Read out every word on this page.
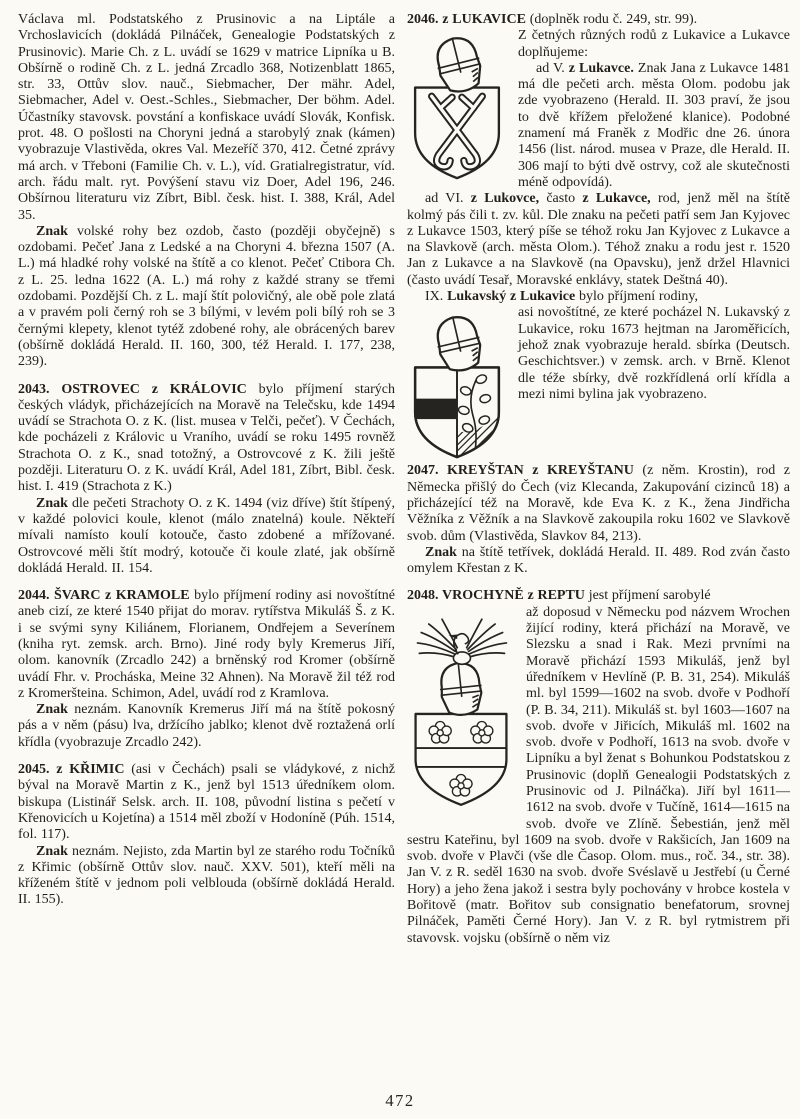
Václava ml. Podstatského z Prusinovic a na Liptále a Vrchoslavicích (dokládá Pilnáček, Genealogie Podstatských z Prusinovic). Marie Ch. z L. uvádí se 1629 v matrice Lipníka u B. Obšírně o rodině Ch. z L. jedná Zrcadlo 368, Notizenblatt 1865, str. 33, Ottův slov. nauč., Siebmacher, Der mähr. Adel, Siebmacher, Adel v. Oest.-Schles., Siebmacher, Der böhm. Adel. Účastníky stavovsk. povstání a konfiskace uvádí Slovák, Konfisk. prot. 48. O pošlosti na Choryni jedná a starobylý znak (kámen) vyobrazuje Vlastivěda, okres Val. Mezeříč 370, 412. Četné zprávy má arch. v Třeboni (Familie Ch. v. L.), víd. Gratialregistratur, víd. arch. řádu malt. ryt. Povýšení stavu viz Doer, Adel 196, 246. Obšírnou literaturu viz Zíbrt, Bibl. česk. hist. I. 388, Král, Adel 35.

Znak volské rohy bez ozdob, často (později obyčejně) s ozdobami. Pečeť Jana z Ledské a na Choryni 4. března 1507 (A. L.) má hladké rohy volské na štítě a co klenot. Pečeť Ctibora Ch. z L. 25. ledna 1622 (A. L.) má rohy z každé strany se třemi ozdobami. Pozdější Ch. z L. mají štít polovičný, ale obě pole zlatá a v pravém poli černý roh se 3 bílými, v levém poli bílý roh se 3 černými klepety, klenot tytéž zdobené rohy, ale obrácených barev (obšírně dokládá Herald. II. 160, 300, též Herald. I. 177, 238, 239).

2043. OSTROVEC z KRÁLOVIC bylo příjmení starých českých vládyk, přicházejících na Moravě na Telečsku, kde 1494 uvádí se Strachota O. z K. (list. musea v Telči, pečeť). V Čechách, kde pocházeli z Královic u Vraního, uvádí se roku 1495 rovněž Strachota O. z K., snad totožný, a Ostrovcové z K. žili ještě později. Literaturu O. z K. uvádí Král, Adel 181, Zíbrt, Bibl. česk. hist. I. 419 (Strachota z K.)

Znak dle pečeti Strachoty O. z K. 1494 (viz dříve) štít štípený, v každé polovici koule, klenot (málo znatelná) koule. Někteří mívali namísto koulí kotouče, často zdobené a mřížované. Ostrovcové měli štít modrý, kotouče či koule zlaté, jak obšírně dokládá Herald. II. 154.

2044. ŠVARC z KRAMOLE bylo příjmení rodiny asi novoštítné aneb cizí, ze které 1540 přijat do morav. rytířstva Mikuláš Š. z K. i se svými syny Kiliánem, Florianem, Ondřejem a Severínem (kniha ryt. zemsk. arch. Brno). Jiné rody byly Kremerus Jiří, olom. kanovník (Zrcadlo 242) a brněnský rod Kromer (obšírně uvádí Fhr. v. Procháska, Meine 32 Ahnen). Na Moravě žil též rod z Kromeršteina. Schimon, Adel, uvádí rod z Kramlova.

Znak neznám. Kanovník Kremerus Jiří má na štítě pokosný pás a v něm (pásu) lva, držícího jablko; klenot dvě roztažená orlí křídla (vyobrazuje Zrcadlo 242).

2045. z KŘIMIC (asi v Čechách) psali se vládykové, z nichž býval na Moravě Martin z K., jenž byl 1513 úředníkem olom. biskupa (Listinář Selsk. arch. II. 108, původní listina s pečetí v Křenovicích u Kojetína) a 1514 měl zboží v Hodoníně (Púh. 1514, fol. 117).

Znak neznám. Nejisto, zda Martin byl ze starého rodu Točníků z Křimic (obšírně Ottův slov. nauč. XXV. 501), kteří měli na kříženém štítě v jednom poli velblouda (obšírně dokládá Herald. II. 155).

2046. z LUKAVICE (doplněk rodu č. 249, str. 99).

Z četných různých rodů z Lukavice a Lukavce doplňujeme:

ad V. z Lukavce. Znak Jana z Lukavce 1481 má dle pečeti arch. města Olom. podobu jak zde vyobrazeno (Herald. II. 303 praví, že jsou to dvě křížem přeložené klanice). Podobné znamení má Franěk z Modřic dne 26. února 1456 (list. národ. musea v Praze, dle Herald. II. 306 mají to býti dvě ostrvy, což ale skutečnosti méně odpovídá).

ad VI. z Lukovce, často z Lukavce, rod, jenž měl na štítě kolmý pás čili t. zv. kůl. Dle znaku na pečeti patří sem Jan Kyjovec z Lukavce 1503, který píše se téhož roku Jan Kyjovec z Lukavce a na Slavkově (arch. města Olom.). Téhož znaku a rodu jest r. 1520 Jan z Lukavce a na Slavkově (na Opavsku), jenž držel Hlavnici (často uvádí Tesař, Moravské enklávy, statek Deštná 40).

IX. Lukavský z Lukavice bylo příjmení rodiny,

asi novoštítné, ze které pocházel N. Lukavský z Lukavice, roku 1673 hejtman na Jaroměřicích, jehož znak vyobrazuje herald. sbírka (Deutsch. Geschichtsver.) v zemsk. arch. v Brně. Klenot dle téže sbírky, dvě rozkřídlená orlí křídla a mezi nimi bylina jak vyobrazeno.

2047. KREYŠTAN z KREYŠTANU (z něm. Krostin), rod z Německa přišlý do Čech (viz Klecanda, Zakupování cizinců 18) a přicházející též na Moravě, kde Eva K. z K., žena Jindřicha Věžníka z Věžník a na Slavkově zakoupila roku 1602 ve Slavkově svob. dům (Vlastivěda, Slavkov 84, 213).

Znak na štítě tetřívek, dokládá Herald. II. 489. Rod zván často omylem Křestan z K.

2048. VROCHYNĚ z REPTU jest příjmení sarobylé

až doposud v Německu pod názvem Wrochen žijící rodiny, která přichází na Moravě, ve Slezsku a snad i Rak. Mezi prvními na Moravě přichází 1593 Mikuláš, jenž byl úředníkem v Hevlíně (P. B. 31, 254). Mikuláš ml. byl 1599—1602 na svob. dvoře v Podhoří (P. B. 34, 211). Mikuláš st. byl 1603—1607 na svob. dvoře v Jiřicích, Mikuláš ml. 1602 na svob. dvoře v Podhoří, 1613 na svob. dvoře v Lipníku a byl ženat s Bohunkou Podstatskou z Prusinovic (doplň Genealogii Podstatských z Prusinovic od J. Pilnáčka). Jiří byl 1611—1612 na svob. dvoře v Tučíně, 1614—1615 na svob. dvoře ve Zlíně. Šebestián, jenž měl sestru Kateřinu, byl 1609 na svob. dvoře v Rakšicích, Jan 1609 na svob. dvoře v Plavči (vše dle Časop. Olom. mus., roč. 34., str. 38). Jan V. z R. seděl 1630 na svob. dvoře Svéslavě u Jestřebí (u Černé Hory) a jeho žena jakož i sestra byly pochovány v hrobce kostela v Bořitově (matr. Bořitov sub consignatio benefatorum, srovnej Pilnáček, Paměti Černé Hory). Jan V. z R. byl rytmistrem při stavovsk. vojsku (obšírně o něm viz

472
